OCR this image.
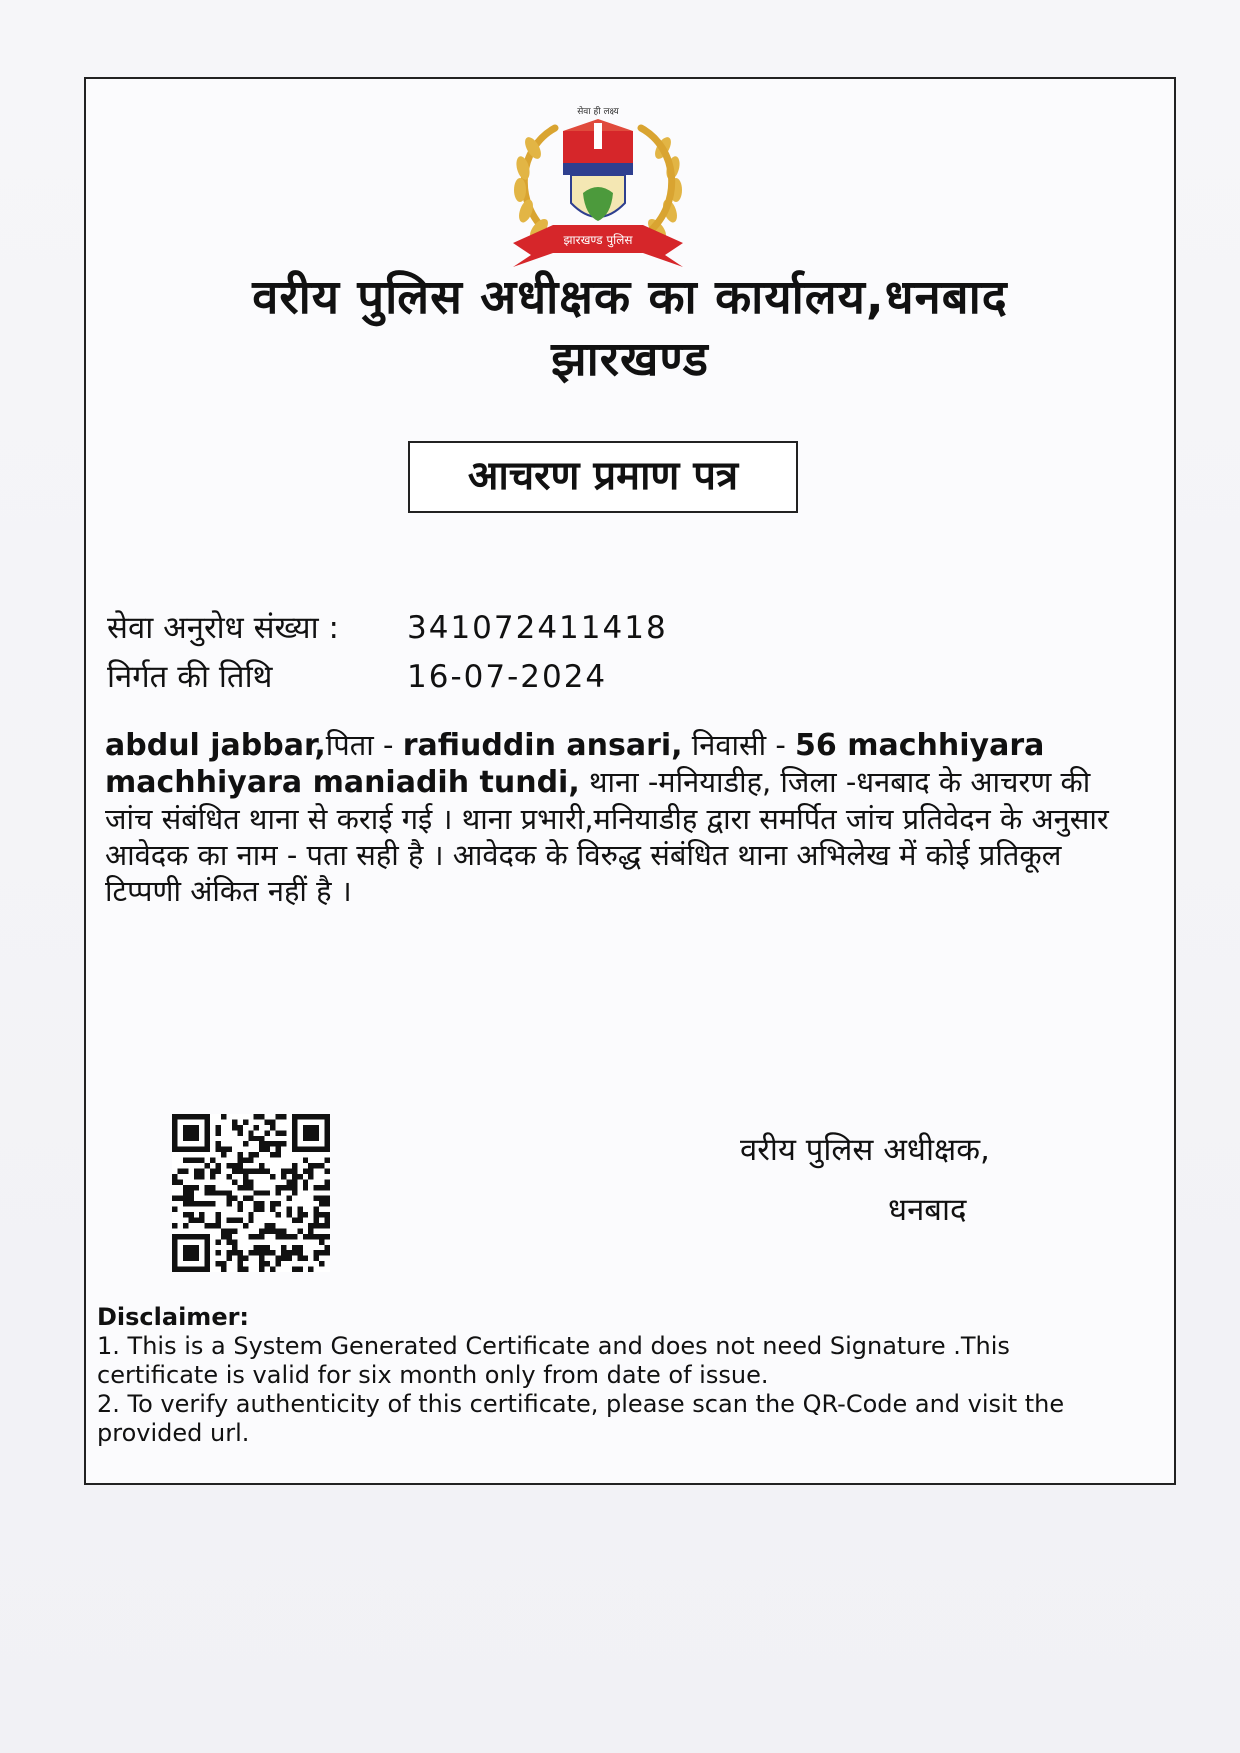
झारखण्ड पुलिस
सेवा ही लक्ष्य
वरीय पुलिस अधीक्षक का कार्यालय,धनबाद
झारखण्ड
आचरण प्रमाण पत्र
सेवा अनुरोध संख्या : 341072411418
निर्गत की तिथि	16-07-2024
abdul jabbar,पिता - rafiuddin ansari, निवासी - 56 machhiyara machhiyara maniadih tundi, थाना -मनियाडीह, जिला -धनबाद के आचरण की जांच संबंधित थाना से कराई गई । थाना प्रभारी,मनियाडीह द्वारा समर्पित जांच प्रतिवेदन के अनुसार आवेदक का नाम - पता सही है । आवेदक के विरुद्ध संबंधित थाना अभिलेख में कोई प्रतिकूल टिप्पणी अंकित नहीं है ।
वरीय पुलिस अधीक्षक,
धनबाद
Disclaimer:
1. This is a System Generated Certificate and does not need Signature .This certificate is valid for six month only from date of issue.
2. To verify authenticity of this certificate, please scan the QR-Code and visit the provided url.
